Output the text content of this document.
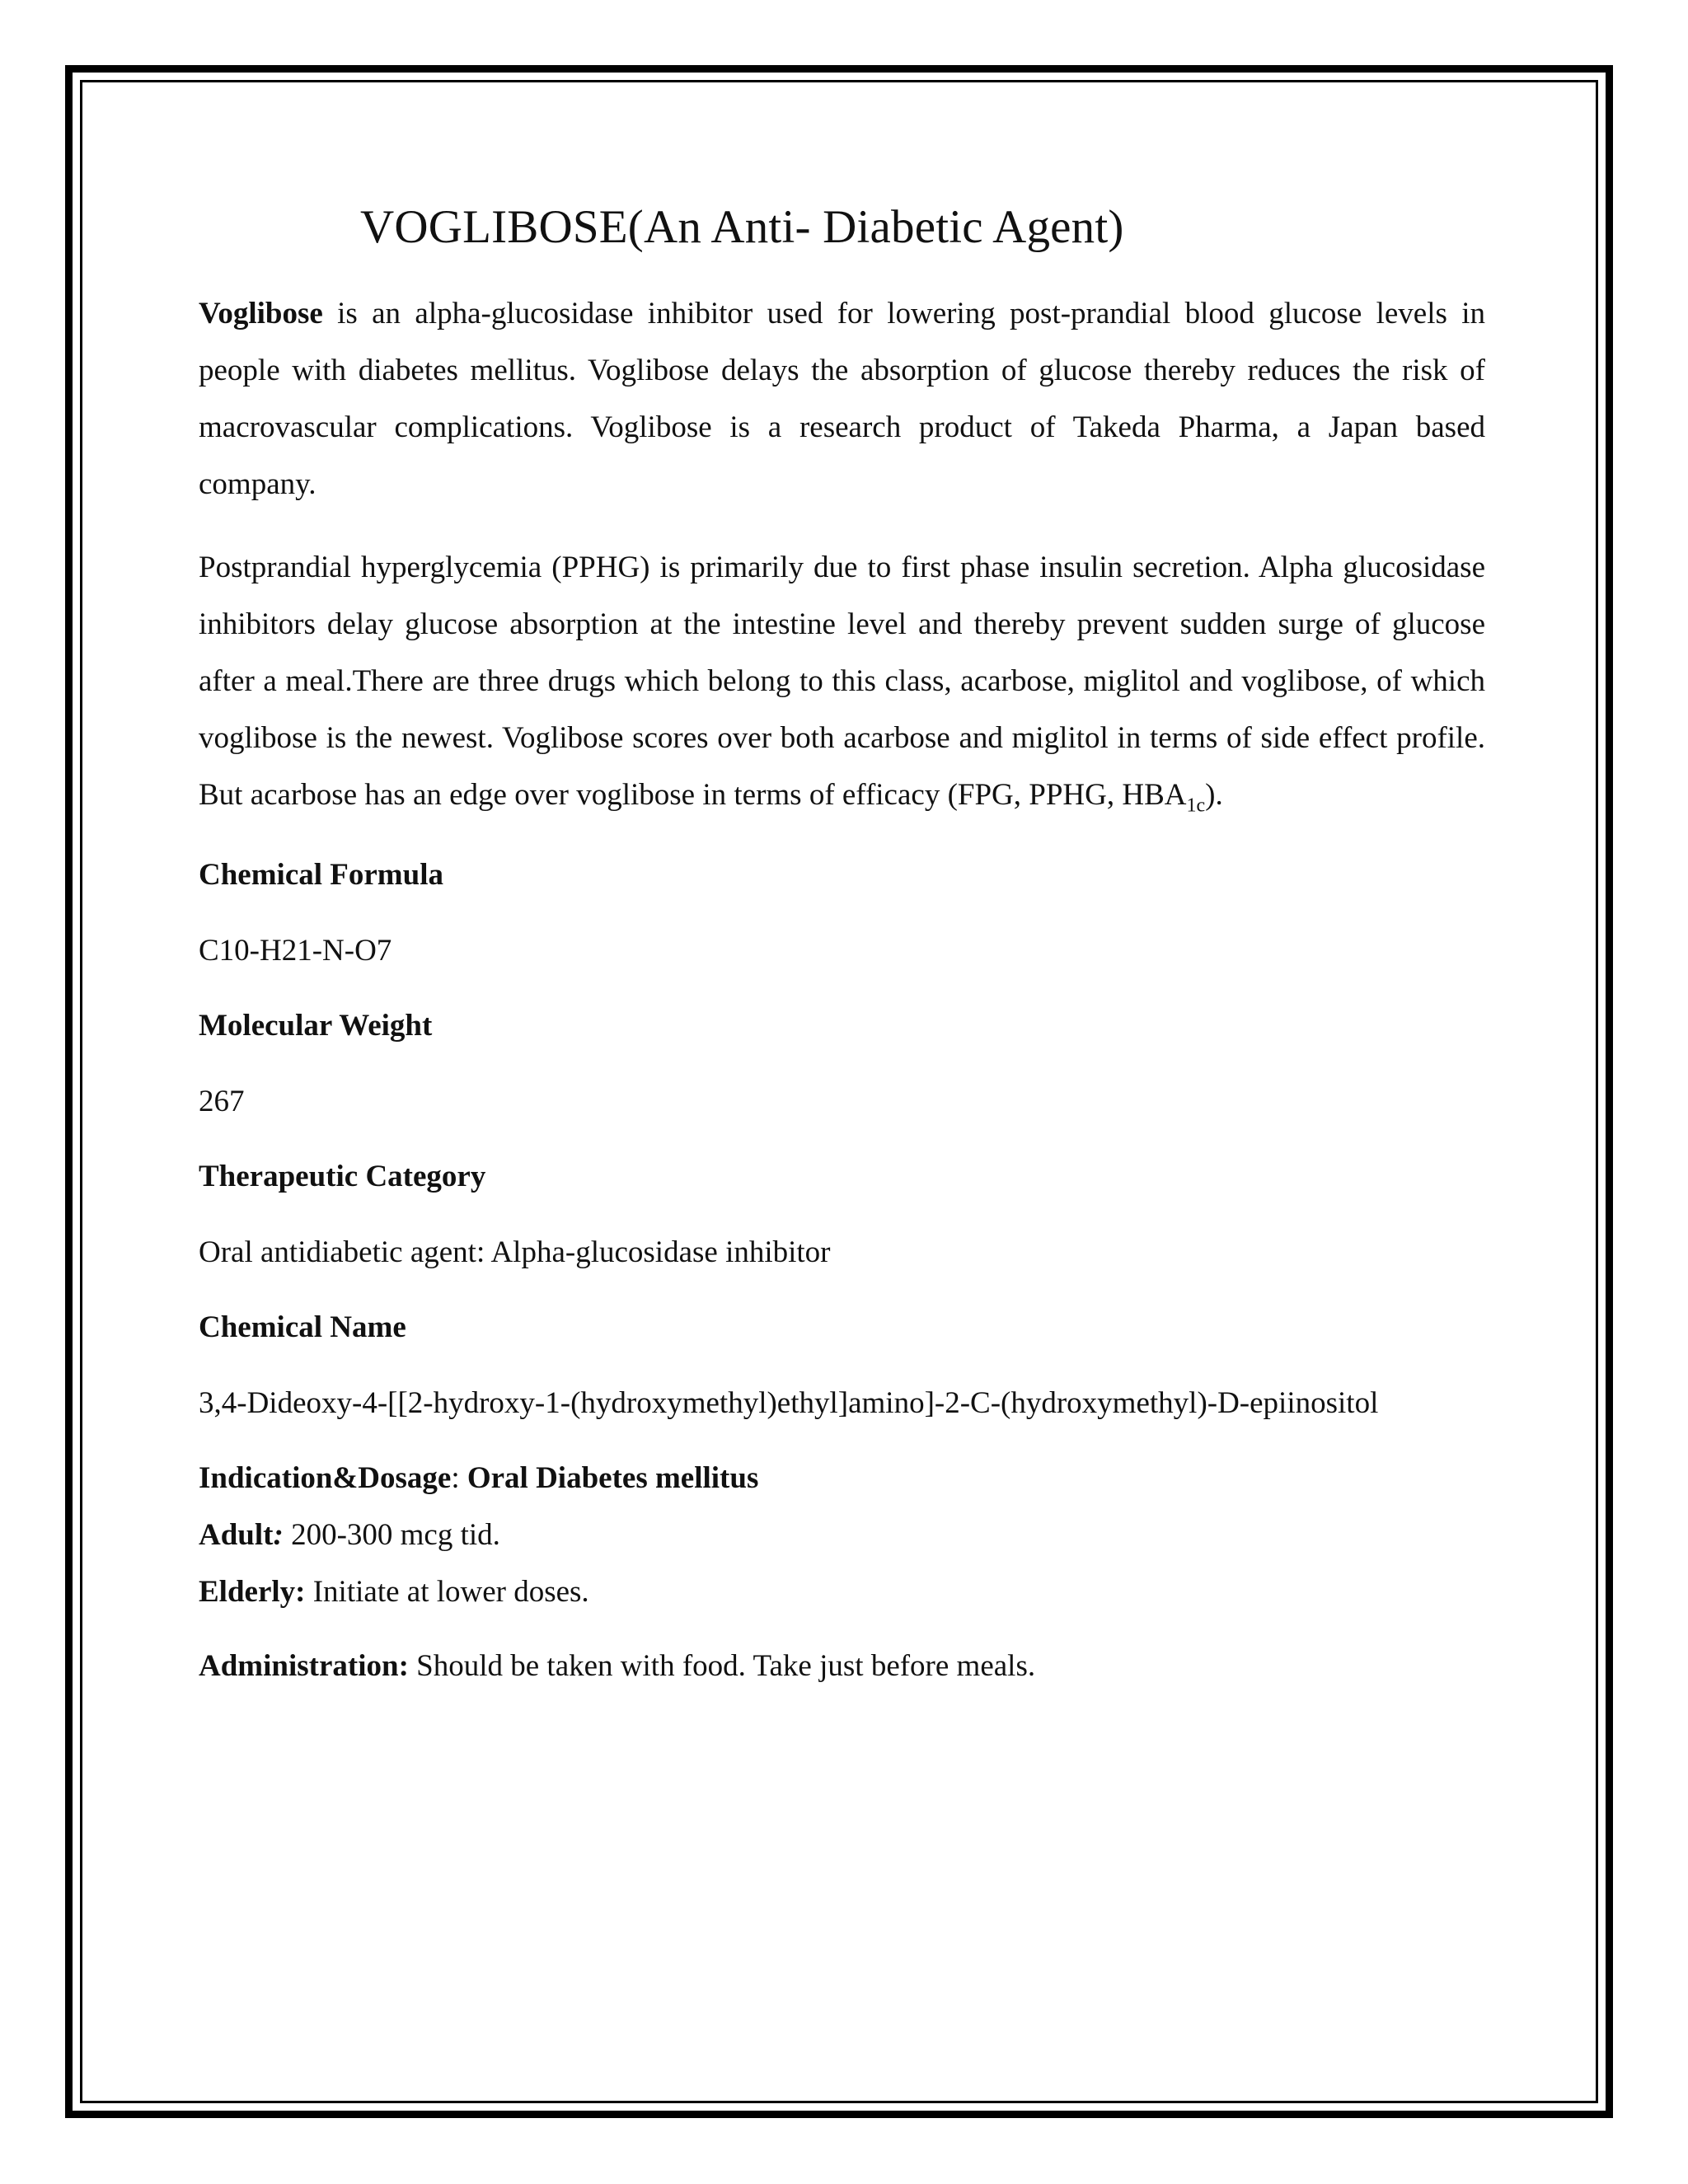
VOGLIBOSE(An Anti- Diabetic Agent)

Voglibose is an alpha-glucosidase inhibitor used for lowering post-prandial blood glucose levels in people with diabetes mellitus. Voglibose delays the absorption of glucose thereby reduces the risk of macrovascular complications. Voglibose is a research product of Takeda Pharma, a Japan based company.

Postprandial hyperglycemia (PPHG) is primarily due to first phase insulin secretion. Alpha glucosidase inhibitors delay glucose absorption at the intestine level and thereby prevent sudden surge of glucose after a meal.There are three drugs which belong to this class, acarbose, miglitol and voglibose, of which voglibose is the newest. Voglibose scores over both acarbose and miglitol in terms of side effect profile. But acarbose has an edge over voglibose in terms of efficacy (FPG, PPHG, $HBA_{1c}$).

Chemical Formula

C10-H21-N-O7

Molecular Weight

267

Therapeutic Category

Oral antidiabetic agent: Alpha-glucosidase inhibitor

Chemical Name

3,4-Dideoxy-4-[[2-hydroxy-1-(hydroxymethyl)ethyl]amino]-2-C-(hydroxymethyl)-D-epiinositol

Indication&Dosage: Oral Diabetes mellitus

Adult: 200-300 mcg tid.

Elderly: Initiate at lower doses.

Administration: Should be taken with food. Take just before meals.
